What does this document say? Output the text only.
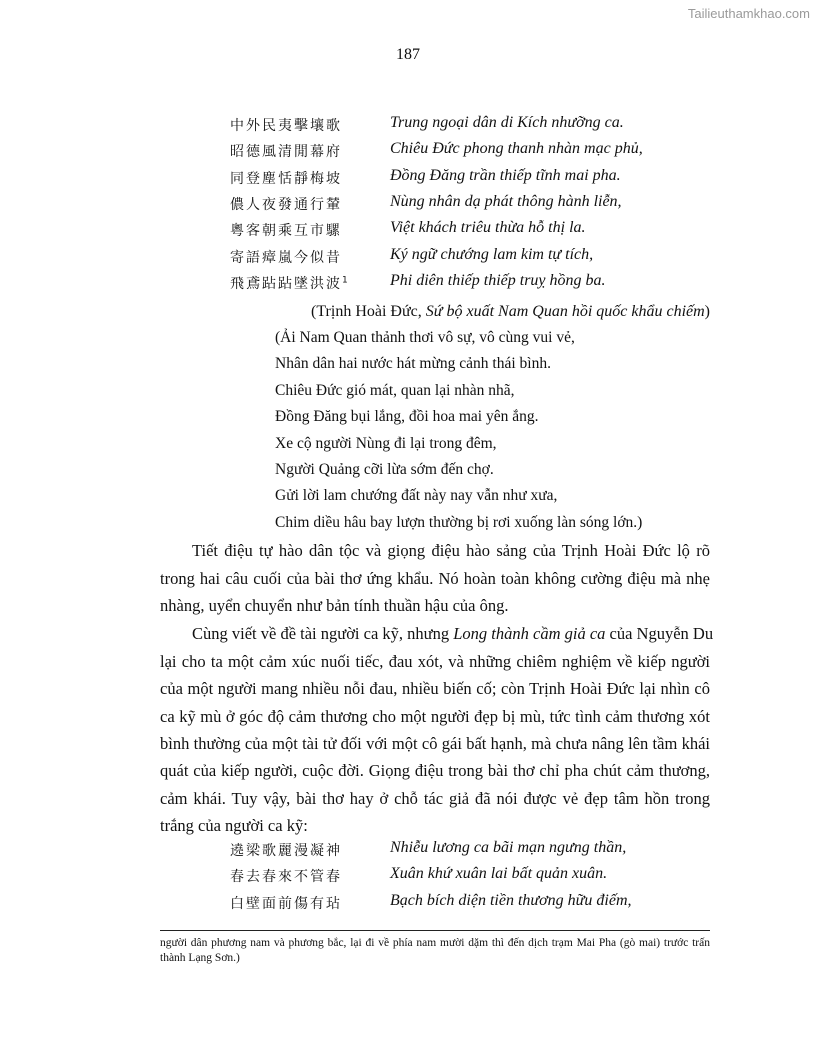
Tailieuthamkhao.com
187
中外民夷擊壤歌	Trung ngoại dân di Kích nhưỡng ca.
昭德風清閒幕府	Chiêu Đức phong thanh nhàn mạc phủ,
同登塵恬靜梅坡	Đồng Đăng trần thiếp tĩnh mai pha.
儂人夜發通行輦	Nùng nhân dạ phát thông hành liễn,
粵客朝乘互市騾	Việt khách triêu thừa hỗ thị la.
寄語瘴嵐今似昔	Ký ngữ chướng lam kim tự tích,
飛鳶跕跕墜洪波$^1$	Phi diên thiếp thiếp truỵ hồng ba.
(Trịnh Hoài Đức, Sứ bộ xuất Nam Quan hồi quốc khẩu chiếm)
(Ải Nam Quan thảnh thơi vô sự, vô cùng vui vẻ,
Nhân dân hai nước hát mừng cảnh thái bình.
Chiêu Đức gió mát, quan lại nhàn nhã,
Đồng Đăng bụi lắng, đồi hoa mai yên ắng.
Xe cộ người Nùng đi lại trong đêm,
Người Quảng cỡi lừa sớm đến chợ.
Gửi lời lam chướng đất này nay vẫn như xưa,
Chim diều hâu bay lượn thường bị rơi xuống làn sóng lớn.)
Tiết điệu tự hào dân tộc và giọng điệu hào sảng của Trịnh Hoài Đức lộ rõ
trong hai câu cuối của bài thơ ứng khẩu. Nó hoàn toàn không cường điệu mà nhẹ
nhàng, uyển chuyển như bản tính thuần hậu của ông.
Cùng viết về đề tài người ca kỹ, nhưng Long thành cầm giả ca của Nguyễn Du
lại cho ta một cảm xúc nuối tiếc, đau xót, và những chiêm nghiệm về kiếp người
của một người mang nhiều nỗi đau, nhiều biến cố; còn Trịnh Hoài Đức lại nhìn cô
ca kỹ mù ở góc độ cảm thương cho một người đẹp bị mù, tức tình cảm thương xót
bình thường của một tài tử đối với một cô gái bất hạnh, mà chưa nâng lên tầm khái
quát của kiếp người, cuộc đời. Giọng điệu trong bài thơ chỉ pha chút cảm thương,
cảm khái. Tuy vậy, bài thơ hay ở chỗ tác giả đã nói được vẻ đẹp tâm hồn trong
trắng của người ca kỹ:
遶梁歌麗漫凝神	Nhiễu lương ca bãi mạn ngưng thần,
春去春來不管春	Xuân khứ xuân lai bất quản xuân.
白壁面前傷有玷	Bạch bích diện tiền thương hữu điếm,
người dân phương nam và phương bắc, lại đi về phía nam mười dặm thì đến dịch trạm Mai Pha (gò mai) trước trấn thành Lạng Sơn.)
